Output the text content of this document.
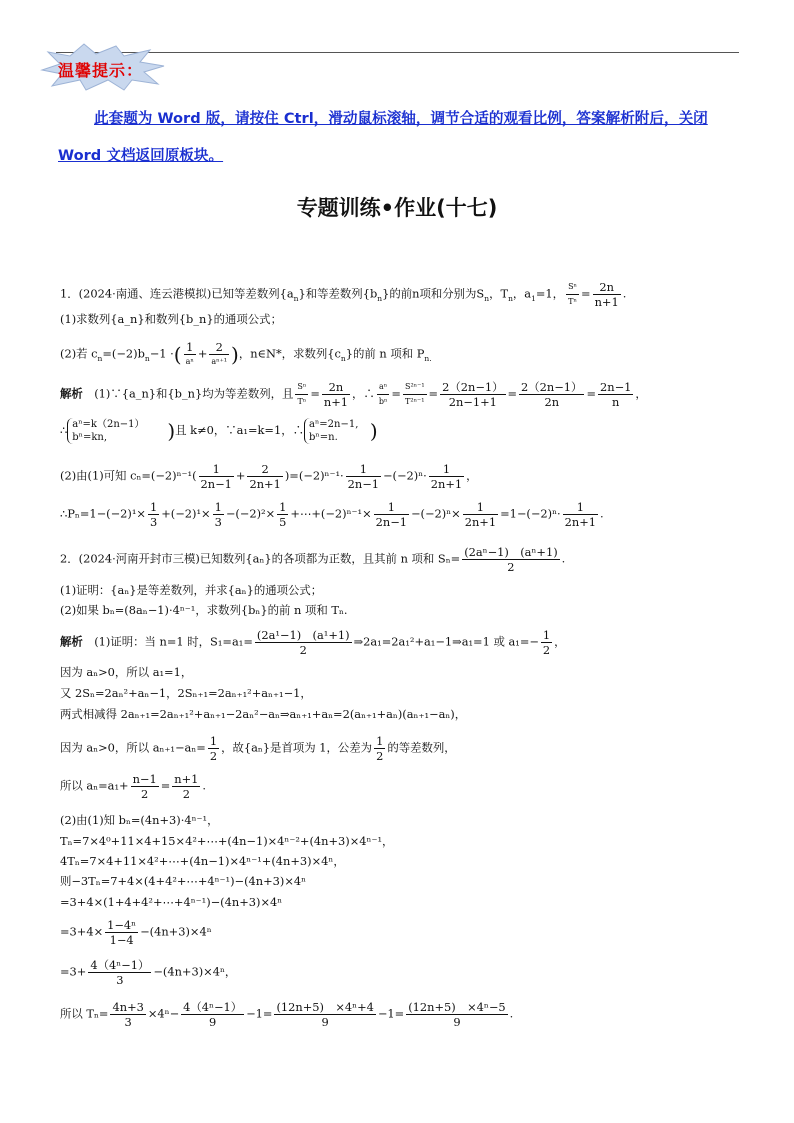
温馨提示：
此套题为 Word 版，请按住 Ctrl，滑动鼠标滚轴，调节合适的观看比例，答案解析附后，关闭 Word 文档返回原板块。
专题训练•作业(十七)
1．(2024·南通、连云港模拟)已知等差数列$\{a_n\}$和等差数列$\{b_n\}$的前n项和分别为$S_n$，$T_n$，$a_1=1$， $\frac{\text{Sⁿ}}{\text{Tⁿ}} = \frac{2n}{n+1}$ .
(1)求数列{a_n}和数列{b_n}的通项公式；
(2)若 $c_n=(-2)b_n-1$ ·( 1
aⁿ
+ 2
aⁿ⁺¹ )，n∈N*，求数列$\{c_n\}$的前 n 项和 $P_{n.}$
解析　 (1)∵{a_n}和{b_n}均为等差数列，且 $\frac{\text{Sⁿ}}{\text{Tⁿ}} = \frac{2n}{n+1}$ ，∴ $\frac{\text{aⁿ}}{\text{bⁿ}} = \frac{\text{S²ⁿ⁻¹}}{\text{T²ⁿ⁻¹}} = \frac{2(2n-1)}{2n-1+1} = \frac{2(2n-1)}{2n} = \frac{2n-1}{n}$ ，
∴ aⁿ=k（2n−1）
bⁿ=kn,
　　	)且 k≠0，∵a₁=k=1，∴ aⁿ=2n−1,
bⁿ=n.
　	)
(2)由(1)可知 $c_n=(-2)^{n-1}( \frac{1}{2n-1} + \frac{2}{2n+1} )=(-2)^{n-1}\cdot \frac{1}{2n-1} -(-2)^n\cdot \frac{1}{2n+1}$ ，
∴Pₙ=1−(−2)¹× $\frac{1}{3} +(-2)^1\times \frac{1}{3} -(-2)^2\times \frac{1}{5}$ +⋯+(−2)ⁿ⁻¹× $\frac{1}{2n-1} -(-2)^n\times \frac{1}{2n+1} =1-(-2)^n\cdot \frac{1}{2n+1}$ .
2．(2024·河南开封市三模)已知数列{aₙ}的各项都为正数，且其前 n 项和 $S_n= \frac{\text{(2aⁿ−1)　(aⁿ+1)}}{2}$ .
(1)证明：{aₙ}是等差数列，并求{aₙ}的通项公式；
(2)如果 bₙ=(8aₙ−1)·4ⁿ⁻¹，求数列{bₙ}的前 n 项和 Tₙ.
解析　 (1)证明：当 n=1 时，$S_1=a_1= \frac{\text{(2a¹−1)　(a¹+1)}}{2}$ ⇒2a₁=2a₁²+a₁−1⇒a₁=1 或 $a_1=- \frac{1}{2}$ ，
因为 aₙ>0，所以 a₁=1，
又 2Sₙ=2aₙ²+aₙ−1，2Sₙ₊₁=2aₙ₊₁²+aₙ₊₁−1，
两式相减得 2aₙ₊₁=2aₙ₊₁²+aₙ₊₁−2aₙ²−aₙ⇒aₙ₊₁+aₙ=2(aₙ₊₁+aₙ)(aₙ₊₁−aₙ)，
因为 aₙ>0，所以 $a_{n+1}-a_n= \frac{1}{2}$ ，故{aₙ}是首项为 1，公差为 $\frac{1}{2}$ 的等差数列，
所以 $a_n=a_1+ \frac{n-1}{2} = \frac{n+1}{2}$ .
(2)由(1)知 bₙ=(4n+3)·4ⁿ⁻¹，
Tₙ=7×4⁰+11×4+15×4²+⋯+(4n−1)×4ⁿ⁻²+(4n+3)×4ⁿ⁻¹，
4Tₙ=7×4+11×4²+⋯+(4n−1)×4ⁿ⁻¹+(4n+3)×4ⁿ，
则−3Tₙ=7+4×(4+4²+⋯+4ⁿ⁻¹)−(4n+3)×4ⁿ
=3+4×(1+4+4²+⋯+4ⁿ⁻¹)−(4n+3)×4ⁿ
$=3+4\times \frac{\text{1−4ⁿ}}{1-4} -(4n+3)\times 4^n$
$=3+ \frac{\text{4（4ⁿ−1）}}{3} -(4n+3)\times 4^n$，
所以 $T_n= \frac{4n+3}{3} \times 4^n- \frac{\text{4（4ⁿ−1）}}{9} -1= \frac{\text{(12n+5)　×4ⁿ+4}}{9} -1= \frac{\text{(12n+5)　×4ⁿ−5}}{9}$ .
